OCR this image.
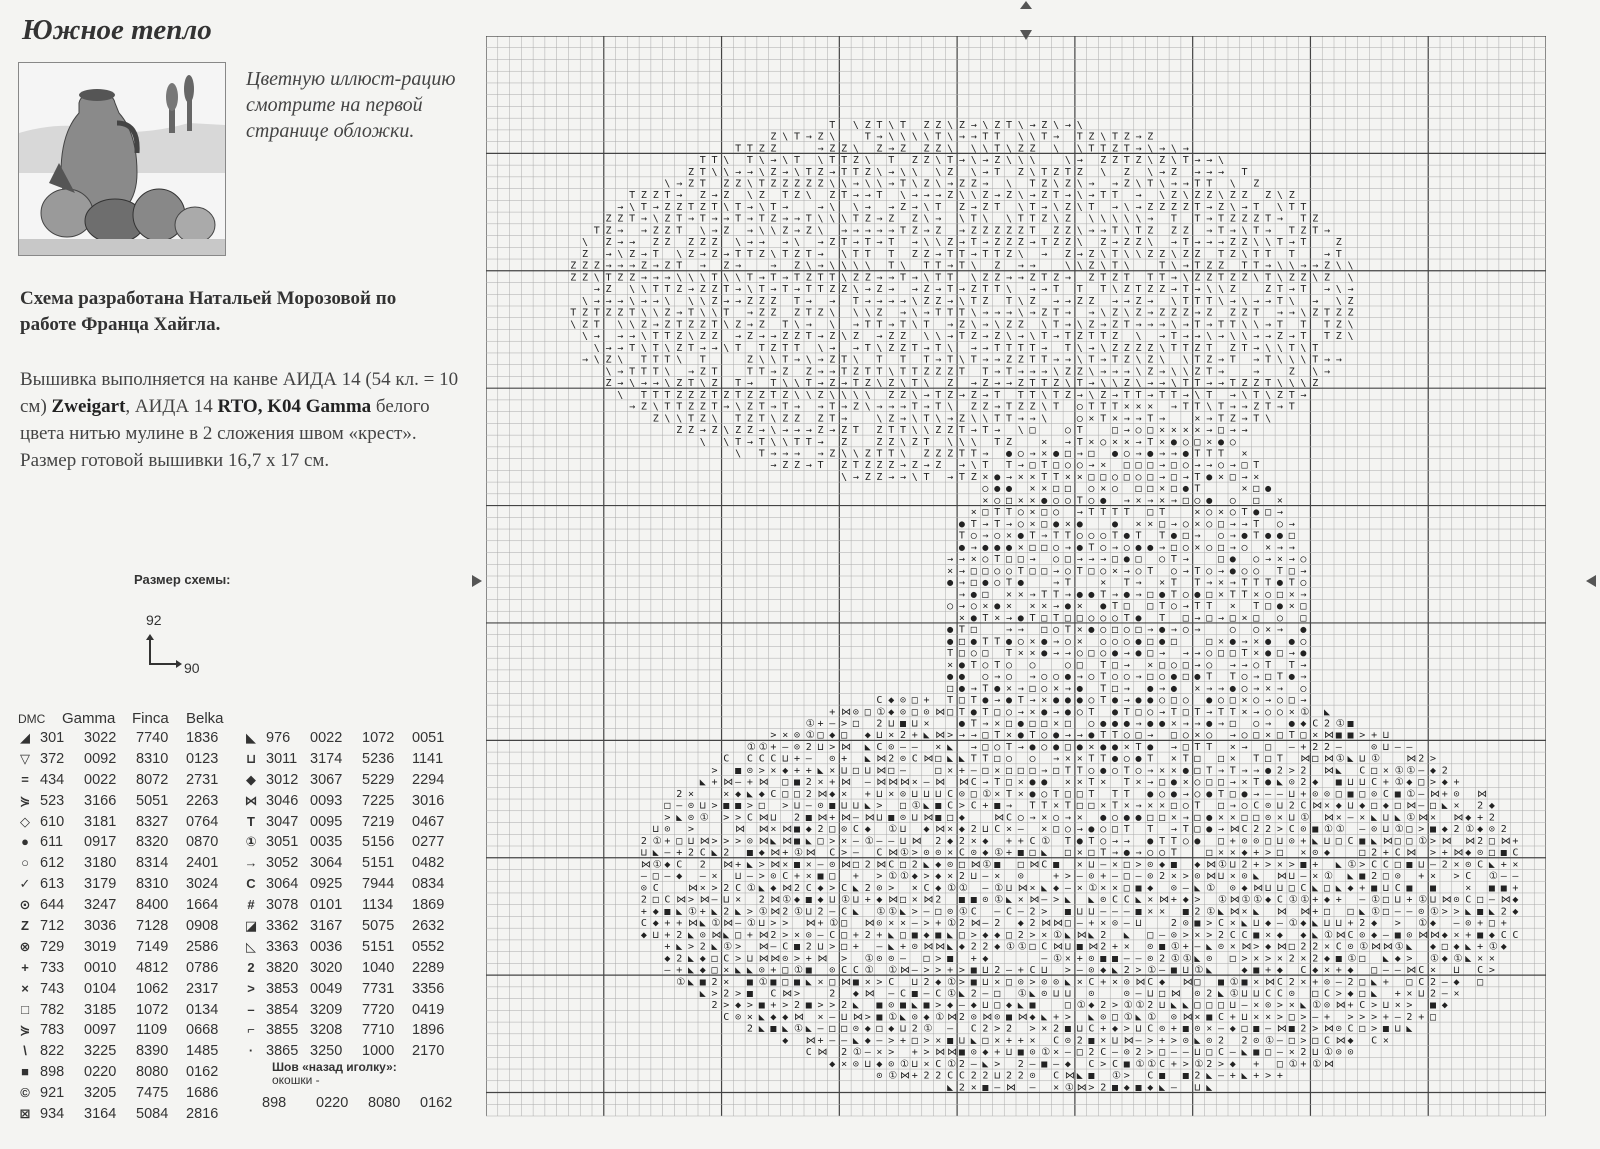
Южное тепло
Цветную иллюст-рацию смотрите на первой странице обложки.
Схема разработана Натальей Морозовой по работе Франца Хайгла.
Вышивка выполняется на канве АИДА 14 (54 кл. = 10 см) Zweigart, АИДА 14 RTO, K04 Gamma белого цвета нитью мулине в 2 сложения швом «крест».
Размер готовой вышивки 16,7 х 17 см.
Размер схемы:
92
90
DMC Gamma Finca Belka
◢ 301 3022 7740 1836
▽ 372 0092 8310 0123
= 434 0022 8072 2731
⋟ 523 3166 5051 2263
◇ 610 3181 8327 0764
● 611 0917 8320 0870
○ 612 3180 8314 2401
✓ 613 3179 8310 3024
⊙ 644 3247 8400 1664
Z 712 3036 7128 0908
⊗ 729 3019 7149 2586
+ 733 0010 4812 0786
× 743 0104 1062 2317
□ 782 3185 1072 0134
⋟ 783 0097 1109 0668
\ 822 3225 8390 1485
■ 898 0220 8080 0162
© 921 3205 7475 1686
⊠ 934 3164 5084 2816
◣ 976 0022 1072 0051
⊔ 3011 3174 5236 1141
◆ 3012 3067 5229 2294
⋈ 3046 0093 7225 3016
T 3047 0095 7219 0467
① 3051 0035 5156 0277
→ 3052 3064 5151 0482
C 3064 0925 7944 0834
# 3078 0101 1134 1869
◪ 3362 3167 5075 2632
◺ 3363 0036 5151 0552
2 3820 3020 1040 2289
> 3853 0049 7731 3356
– 3854 3209 7720 0419
⌐ 3855 3208 7710 1896
· 3865 3250 1000 2170
Шов «назад иголку»:
окошки -
898 0220 8080 0162
T \ Z T \ T Z Z \ Z → \ Z T \ → Z \ → \
Z \ T → Z \	T → \ \ \ \ T \ → → T T \ \ T → T Z \ T Z → Z
T T Z Z	→ Z Z \ Z → Z Z Z \ \ \ T \ Z Z \ \ T T Z T → \ → \ →
T T \ T \ → \ T \ T T Z \ T Z Z \ T → \ → Z \ \ \	\ → Z Z T Z \ Z \ T → → \
Z T \ \ → → \ Z → \ T Z → T T Z \ → \ \ \ Z \ → T Z \ T Z T Z \ Z \ → Z → → → T
\ → Z T Z Z \ T Z Z Z Z Z \ \ → \ \ → T \ Z \ → Z Z → \ T Z \ Z \ → → Z \ T \ → → T T \ Z
T Z Z T → Z → Z \ Z T Z \ Z T → → T \ → → → Z \ \ Z → Z \ → Z T → \ → T T → \ Z \ Z Z \ Z Z Z \ Z
→ \ T → Z Z T Z T \ T → \ T →	→ \ \ → → Z → \ T Z → Z T \ T → \ Z \ T → \ → Z Z Z Z T → Z \ → T \ T T
Z Z T → \ Z T → T → → T → T Z → → T \ \ \ T Z → Z Z \ → \ T \ \ T T Z \ Z \ \ \ \ \ → T T → T Z Z Z T → T Z
T Z → → Z Z T \ → Z → \ \ Z → Z \ → → → → → T Z → Z → Z Z Z Z Z T Z Z \ → → T \ T Z Z Z → T → \ T → T Z T →
\ Z → → Z Z Z Z Z \ → → → \ → Z T → T → T → \ \ Z → T → Z Z Z → T Z Z \ Z → Z Z \ → T → → → Z Z \ \ T → T	Z
Z → \ Z → T \ Z → Z → T T Z \ T Z T → \ T T T Z Z → T T → T T Z \ → Z → Z \ T \ \ Z Z \ Z Z T Z \ T T T	→ T
Z Z Z → → → Z → Z T → Z →	→ Z \ → \ \ \ \ T \ T T → T \ Z → →	\ \ Z \ T \	T \ → T Z Z T T → \ \ → → Z \ \
Z Z \ T Z Z → → → \ \ \ T \ \ T → T → T Z T T \ Z Z → → T → \ T T \ Z Z → → Z T Z → Z T Z T T T → \ Z Z T Z Z \ T \ Z Z \ Z \
→ Z \ \ T T Z → Z Z T → \ T → T → T T Z Z \ → Z → → Z → T → Z T T \ → → T T T \ Z T Z Z → T → \ \ Z	Z T → T → \ →
\ → → → \ → → \ \ \ Z → → Z Z Z T → → T → → → → \ Z Z → \ T Z T \ Z → → Z Z → → Z → \ T T T \ → \ → → T \ → \ Z
T Z T Z Z T \ \ Z → T \ \ T → Z Z Z T Z \ \ \ Z → \ → T T T \ → → → \ → Z T → → \ Z \ Z → Z Z Z → Z Z Z T → → \ Z T Z Z
\ Z T \ \ Z → Z T Z Z T \ Z → Z T \ → \ → T T → T \ T → Z \ → \ Z Z \ T → \ Z → Z T → → → \ → T → T T \ \ → T T T Z \
\ → → → \ T T Z \ Z Z → Z → → Z Z T → Z \ Z → Z Z \ \ → T Z → Z \ → \ T → T Z T T Z \ → T → → \ → \ \ → → Z → T T Z \
\ → → T \ T \ Z T → → \ T T Z T T \ → → T \ Z Z T → T \ → → T T T T → T \ → \ Z Z Z Z \ T T Z T Z T → \ \ T \ T
→ \ Z \ T T T \ T	Z \ \ T → \ → Z T \ T T T → T \ T → → Z Z T T → → \ T → T Z \ Z \ \ T Z → T → T \ \ \ T → →
\ → T T T \ → Z T	T T → Z Z → → T Z T T \ T T Z Z Z T T → T → → → \ Z Z \ → → → \ Z → \ \ Z T →	→	Z \ →
Z → \ → → \ Z T \ Z T → T \ \ T → Z → T Z \ Z \ T \ Z → Z → → Z T T Z \ T → \ \ Z \ → → \ T T → → T Z Z T \ \ \ Z
\ T T T Z Z Z T Z T Z Z T Z \ \ Z \ \ \ \ Z Z \ → T Z → Z → T T T \ T Z → \ Z → T T → T T → \ T → \ T \ Z T →
→ Z \ T T Z Z T → \ Z T → T → → T → Z \ → → → T → T \ Z Z → T Z Z \ T ○ T T T × × × → T T \ T → → Z T → T
Z \ \ T Z \ T Z T \ Z Z Z T →	\ Z → \ T \ → Z \ \ T T → → \	○ × T × → → T →	× → T Z → T \
Z Z → Z \ Z Z → \ → → → Z → Z T Z T T \ \ Z Z T → T → \ □	○ T	□ → ○ □ × × × × → □ → →
\ \ T → T \ \ T T → Z	Z Z \ Z T \ \ \ T Z	× → T × ○ × × → T × ● ○ □ × ● ○
\ T → → → → Z \ \ Z T T \ Z Z Z T T → ● ○ → × ● □ → □ ● ○ → ● → → ● T T T ×
→ Z Z → T Z T Z Z Z → Z → Z → \ T T → □ T □ ○ ○ → × □ □ □ → □ ○ → → ○ → □ T
\ → Z Z → → \ T → T Z × ● → × × T T × × □ □ ○ □ ○ □ → □ → T ● × □ → ×
○ ● ● × × □ □ ○ × ○ □ □ × □ ● T	× □ ●
× ○ □ × × ● ○ ○ T ○ ● → × → × → □ ○ ● ○ □ ×
× □ T T ○ × □ ○ → T T T T □ T	× ○ × ○ T ● □ →
● T → T → ○ × □ ● × ●	● × × □ → ○ × ○ □ → → T ○ →
T ○ → ○ × ● T → T T ○ ○ ○ T ● T T ● □ → ○ → ● T ● ● □
● → ● ● ● × □ □ ○ → ● T ○ → ○ ● ● → □ ○ × ○ □ → ○ × → →
→ → × ○ T □ □ → ○ □ → → → □ ● □ ○ T →	□ ● ○ → × → ○
× → □ □ ○ ○ T □ □ → ○ T □ ○ × → ○ T ○ → T ○ → ● ○ ○ T □ →
● → □ ● ○ T ●	→ T	× T → × T T → × → T T T ● T ○
→ ● □ × × → T T → ● ● T → ● → □ ● T ○ ● □ × T T × ○ □ × →
○ → ○ × ● × × × → ● × ● T □ □ T ○ → T T × T □ ● × □
× ● T × → ● T □ T □ □ ○ ○ ○ T ● T □ → □ → □ × □ ○ □
● T □	→ → □ ○ T × ● ○ □ ○ □ → ● → ○ →	○ ○ × → ●
● □ ● T T ● ○ × ● → ○ × ○ ○ ○ ● □ ● □	□ × ● → × ● ● ○
T □ ○ □ T × × ● → → ○ □ ○ ● → ● □ → → → ○ □ □ T × ● □ → ●
× ● T ○ T ○ ○	○ □ T □ → × □ ○ □ → ○ → → ○ T T →
● ● ○ → ○ → ○ ○ ● → ○ T ○ ○ → □ ○ ● □ ● T T ○ → □ T ● →
□ ● → T ● × → □ ○ × → ● T □ → ● → ● × → → ● ○ → × → ○
C ◆ ⊙ □ + T □ T ● → ● T → × ● ● ● ○ T ● → ● ● ○ □ ○ ● ○ □ × ○ → ○ □ →
+ ⋈ ⊙ □ ① ◆ ⊙ □ ⊙ ⋈ □ T ● T □ ○ → × ● → ● ○ T ● T □ ○ → T □ T → T T × → ○ ○ × ① ◣
① + – > □ 2 ⊔ ■ ⊔ ×	● T → × □ ● □ □ × □ ○ ● ● ● → ● ● × → → ● → □ ○ → ● ◆ C 2 ① ■
> × ⊙ ① □ ◆ □ ◆ ⊔ × 2 + ◣ ⋈ > → → □ T × ● T ○ ● → → ● T T ○ □ → □ ○ × ○ → ○ □ × □ T □ × ⋈ ■ ■ > + ⊔
① ① + – ⊙ 2 ⊔ > ⋈ ◣ C ⊙ – – × ◣ → □ ○ T → ● ○ ● □ ● × ● ● × T ● → □ T T × → □ – + 2 2 –	⊙ ⊔ – –
C C C C ⊔ + – ⊙ + ◣ ⋈ 2 ⊙ C ⋈ □ ◣ ◣ T T □ ○ ○ → × × T T ● ○ ● T × T □ □ × T □ T ⋈ □ ⋈ ① ◣ ⊔ ①	⋈ 2 >
> ■ ⊙ > × ◆ + + ◣ × ⊔ □ ⊔ ⋈ □ –	□ × + – □ × □ □ □ → □ T T ○ ● ○ T ○ → × × ● □ T → T → → ● 2 > 2 ⋈ ◣ C □ × ① ① – ◆ 2
◣ + ⋈ – + ⋈ □ ■ 2 × + ⋈ – ⋈ ⋈ ⋈ × – ⋈ ⋈ C → T □ × ● ● × × T × T × → □ ● × ○ □ □ → × T ● ◣ ⊙ 2 ◆ ■ ⊔ ⊔ C + ① ◆ □ > ◆ +
2 ×	× ◆ ◣ ◆ C □ □ 2 ⋈ ◆ × + ⊔ × ⊙ ⊔ ⊔ ⊔ C ⊙ □ ① × T × ● ○ T □ □ T T T ● ○ ● → ○ ● T □ ● → – – ⊔ + ⊙ ⊙ □ ■ □ ⊙ C ■ ① – ⋈ + ⊙ ⋈
□ – ⊙ ⊔ > ■ ■ > □ > ⊔ – ⊙ ■ ⊔ ⊔ ◣ > □ ① ◣ ■ C > C + ■ → T T × T □ □ × T × → × × □ ○ T □ → ○ C ⊙ ⊔ 2 C ⋈ × ◆ ⊔ ◆ □ ◆ □ ⋈ – □ ◣ × 2 ◆
> ◣ ⊙ ① > > C ⋈ ⊔ 2 ■ ⋈ + ⋈ – ⋈ ⊔ ■ ⊙ ⊔ ⋈ ■ □ ◆	⋈ C ○ → × ○ → × ● ○ ● ● □ □ × → □ ● × × □ □ ⊙ × ⊔ ① ⋈ × – × ◣ ⊔ ◣ ① ⋈ × ⋈ ◆ + 2
⊔ ⊙ >	⋈ ⋈ × ⋈ ■ ◆ 2 □ ⊙ C ◆ ① ⊔ ◆ ⋈ × ◆ 2 ⊔ C × – × □ ○ → ● ○ □ T T → T □ ● → ⋈ C 2 2 > C ⊙ ■ ① ① – ⊙ ⊔ ① □ > ■ ◆ 2 ① ◆ ⊙ 2
2 ① + □ ⊔ ⋈ > > > ⊙ ⋈ ◣ ⋈ ■ ◣ □ > × – ① – – ⊔ ⋈ 2 ◆ 2 × ◆ + + C ① T ● T ○ → → ● T T ○ ● □ + ⊙ ⊙ □ ⊔ ⊙ + ◣ ⊔ □ C ■ ◣ ⋈ □ □ ① > ⋈ ⋈ 2 □ ⋈ +
⊔ ◣ – + 2 C ◣ 2 ■ ◆ ⋈ + ① ⋈ C > – C ⋈ ① > ⊙ ⊙ × C ⊙ ◆ ① + ■ □ ◣ □ × □ T → ● → ○ ○ T	□ × × ◆ + > □ × ⊙ ◆	□ 2 + C ⋈ > + ⋈ ◆ ⊙ □ ■ C
⋈ ① ◆ C 2 ⋈ + ◣ > ⋈ × ■ × – ⊙ ⋈ □ 2 ⋈ C □ 2 ◣ ◆ ⊙ □ ⋈ ① ■ □ ⋈ C ■ × ⊔ – × □ > ⊙ ◆ ■ ◆ ⋈ ① ⊔ 2 + > × > ■ + ◣ ① > C C □ ■ ⊔ – 2 × ⊙ C ◣ + ×
– □ – ◆ – × ⊔ – > ⊙ C + × ■ □ + > ① ① ◆ > ◆ × 2 ⊔ – × ⊙	+ > – ⊙ + – □ – ⊙ 2 × > ⊙ ⋈ ⊔ × ⊙ ◣ ⋈ ⊔ – × ① ◣ ■ 2 □ ⊙ + × > C ① – –
⊙ C	⋈ × > 2 C ① ◣ ◆ ⋈ 2 C ◆ > C ◣ 2 ⊙ > × C ◆ ① ① – ① ⊔ ⋈ × ◣ ◆ – × ① × × □ ■ ◆ ⊙ – ◣ ① ⊙ ◆ ⋈ ⊔ ⊔ □ C ◣ □ ◣ ◆ + ■ ⊔ C ■ ■	× ■ ■ +
2 □ C ⋈ > ⋈ – ⊔ × 2 ⋈ ① ◆ ■ ◆ ⊔ ① ⊔ + ◆ ⋈ □ × ⋈ 2 ■ ■ ⊙ ① ◣ × ⋈ – > ◣ ◣ ⊙ C C ◣ × ⋈ + ◆ > ① ⋈ ① ① ◆ C ① ① + ◆ + – ① □ ⊔ + ① ⊔ ⋈ ⊙ C □ – ⋈ ◆
+ ◆ ■ ◣ ① + ◣ 2 ◣ > ① ⋈ 2 ① ⊔ 2 – C ◣ ① ① ◣ > – □ ⊙ ① C – C – 2 > ■ ⊔ ⊔ – – – ■ × × ■ 2 ① ◣ ⋈ × ◣ ⋈ ⋈ + □ □ ◣ ① □ – – ⊙ ① > > ◣ ■ ◣ 2 ◆
C ◆ + + ⋈ ◣ ① ⋈ – ① ⊔ > > ⋈ + ① □ ⋈ ⊙ × × – > + ① 2 ⋈ – 2 ◆ 2 ⋈ ⋈ □ – + × ⊙ – ⊔	2 ⊙ ■ > C × ◣ ⊔ ◆ – ① ◆ ◣ ⊔ ⊔ + 2 ◆ > ① ◆ – ⊙ + □ +
◆ ⊔ + 2 ◣ ⊙ ⋈ ◣ □ + ⋈ 2 > × ⊙ – C □ + 2 + ◣ □ ■ ◆ ■ ◣ □ > ◆ ◆ □ 2 > × ① ◣ ⋈ ◣ 2 ◣ □ – ⊙ > × > 2 C C ■ × ◆ ◆ ◣ ① ⋈ C ⊙ ◆ – ■ ⊙ ⋈ ⋈ ◆ × + ■ ◆ C C
+ ◣ > 2 ◣ ① > ⋈ – C ■ 2 ⊔ > □ + – ◣ + ⊙ ⋈ ⋈ ◣ ◆ 2 2 ◆ ① ① □ C ⋈ ⊔ ■ ⋈ 2 + × ⊙ ■ ① + – ◣ ⊙ × ⋈ > ◆ ⋈ □ 2 2 × C ⊙ ① ⋈ ⋈ ① ◣ ◆ □ ◆ ◣ + ① ◆
◆ 2 ◣ ◆ □ C > ⊔ ⋈ ⋈ ⊙ > + ⋈ > ① ⊙ ⊙ – □ > ■ + ◆	– ① × + ⊙ ■ ■ – – ⊙ 2 ① ① ◣ ⊙ □ > × > × 2 × 2 ◆ ■ ① □ ◣ ◆ > ① ◆ ① ◣ × ×
– + ◣ ◆ □ × ◣ ◣ ⊙ + □ ① ■ ⊙ C C ① ① ⋈ – > > + > ■ ⊔ 2 – + C ⊔ > – ⊙ ◆ ◣ 2 > ① – ■ ⊔ ① ◣	◆ ■ + ◆ C ◆ × + ◆ □ – – ⋈ C × ⊔ C >
① ◣ ■ 2 × ■ ① ■ □ ■ ◣ × □ ⋈ ■ × > C ⊔ 2 ◆ ① > ■ ⊔ × □ ⊙ > ⊙ ⊙ ◣ × C + × ⊙ ⋈ C ◆ ⋈ □ ■ ① ■ × ⋈ C 2 × + ⊙ – 2 □ ◣ + □ C 2 – ◆ □
◣ > 2 > ■ C ⋈ >	2 ◆ ⋈ – C ■ – C ① ◣ 2 – □ ① ◣ ⊙ ⊔ ⊔ ⊙	⊙ – ⊔ □ ⋈ ⊙ 2 ◣ ① ⊔ ⊔ C C ⊙ □ C > ◆ □ ◣ + × ⊔ 2 – ×
2 > ◆ > ■ + > 2 ■ > > 2 ◣ ■ ⊙ ■ ◣ ■ > ◆ – ◆ ⊔ □ ◆ ◣ ■	□ ① ◆ 2 > ① ① 2 ⊔ ◣ ◣ □ □ □ ⊔ – × ⊙ > × ◣ ① ⊙ ⋈ + C > ⊔ × > ■ ◆
C ⊙ × ◣ ◆ ◆ ⋈ × – ⊔ ⋈ > ■ ① ◣ ⊙ ◆ ① ⋈ 2 ⊙ ⋈ ⊙ ■ ⋈ ◆ ◣ + > ◣ ⊙ □ ① ◣ ① ⊙ ⋈ × ■ C + ⊔ × × > □ > – + > > > + – 2 + □
2 ◣ ■ ◣ ① ◣ – □ □ ⊙ ◆ □ ◆ ⊔ 2 ① – C 2 > 2 > × 2 ■ ⊔ C + ◆ > ⊔ C ⊙ + ■ ⊙ × – ◆ □ ■ – ⋈ ■ 2 > ⋈ ⊙ C □ > ■ ⊔ ◣
◆ ⋈ + – – ◣ ◆ – > + □ > × ■ ⊔ ◣ □ × + + × C ⊙ 2 ■ × ⊔ ⋈ – > + > ⊙ ◣ ⊙ 2 2 ⊙ ① – □ > □ C ⋈ ◆ C ×
C ⋈ 2 ① – × > + > ⋈ ⋈ ■ ⊙ ◆ + ⊔ ■ ⊙ ① × – □ 2 C – ⊙ 2 > □ – – ⊔ □ C – ◣ ■ □ – × 2 ⊔ ① ⊙ ⊙
◆ × ⊙ ⊔ ◆ ⊙ ① ⊔ × C ① 2 – ◣ > 2 – ■ – ◆ C > C ■ ① ① C + > ① 2 > ◆ + □ ① + ① ⋈
⊙ ① ⋈ + 2 2 C C 2 2 ⊔ 2 2 ⊙ C ⋈ ◣ ■ ① > C ■ ■ 2 ◣ – + ◣ + > +
◣ 2 × ■ – ⋈ – × ① ⋈ > 2 ■ ◆ ■ ◆ ◣ – ⊔ ◣
